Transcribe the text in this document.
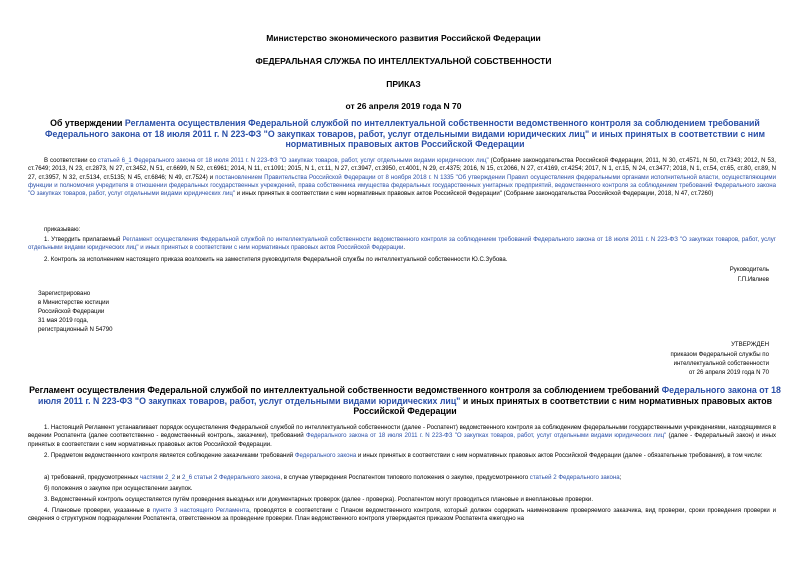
Министерство экономического развития Российской Федерации
ФЕДЕРАЛЬНАЯ СЛУЖБА ПО ИНТЕЛЛЕКТУАЛЬНОЙ СОБСТВЕННОСТИ
ПРИКАЗ
от 26 апреля 2019 года N 70
Об утверждении Регламента осуществления Федеральной службой по интеллектуальной собственности ведомственного контроля за соблюдением требований Федерального закона от 18 июля 2011 г. N 223-ФЗ "О закупках товаров, работ, услуг отдельными видами юридических лиц" и иных принятых в соответствии с ним нормативных правовых актов Российской Федерации
В соответствии со статьей 6_1 Федерального закона от 18 июля 2011 г. N 223-ФЗ "О закупках товаров, работ, услуг отдельными видами юридических лиц" (Собрание законодательства Российской Федерации, 2011, N 30, ст.4571, N 50, ст.7343; 2012, N 53, ст.7649; 2013, N 23, ст.2873, N 27, ст.3452, N 51, ст.6699, N 52, ст.6961; 2014, N 11, ст.1091; 2015, N 1, ст.11, N 27, ст.3947, ст.3950, ст.4001, N 29, ст.4375; 2016, N 15, ст.2066, N 27, ст.4169, ст.4254; 2017, N 1, ст.15, N 24, ст.3477; 2018, N 1, ст.54, ст.65, ст.80, ст.89, N 27, ст.3957, N 32, ст.5134, ст.5135; N 45, ст.6846; N 49, ст.7524) и постановлением Правительства Российской Федерации от 8 ноября 2018 г. N 1335 "Об утверждении Правил осуществления федеральными органами исполнительной власти, осуществляющими функции и полномочия учредителя в отношении федеральных государственных учреждений, права собственника имущества федеральных государственных унитарных предприятий, ведомственного контроля за соблюдением требований Федерального закона "О закупках товаров, работ, услуг отдельными видами юридических лиц" и иных принятых в соответствии с ним нормативных правовых актов Российской Федерации" (Собрание законодательства Российской Федерации, 2018, N 47, ст.7260)
приказываю:
1. Утвердить прилагаемый Регламент осуществления Федеральной службой по интеллектуальной собственности ведомственного контроля за соблюдением требований Федерального закона от 18 июля 2011 г. N 223-ФЗ "О закупках товаров, работ, услуг отдельными видами юридических лиц" и иных принятых в соответствии с ним нормативных правовых актов Российской Федерации.
2. Контроль за исполнением настоящего приказа возложить на заместителя руководителя Федеральной службы по интеллектуальной собственности Ю.С.Зубова.
Руководитель
Г.П.Ивлиев
Зарегистрировано
в Министерстве юстиции
Российской Федерации
31 мая 2019 года,
регистрационный N 54790
УТВЕРЖДЕН
приказом Федеральной службы по
интеллектуальной собственности
от 26 апреля 2019 года N 70
Регламент осуществления Федеральной службой по интеллектуальной собственности ведомственного контроля за соблюдением требований Федерального закона от 18 июля 2011 г. N 223-ФЗ "О закупках товаров, работ, услуг отдельными видами юридических лиц" и иных принятых в соответствии с ним нормативных правовых актов Российской Федерации
1. Настоящий Регламент устанавливает порядок осуществления Федеральной службой по интеллектуальной собственности (далее - Роспатент) ведомственного контроля за соблюдением федеральными государственными учреждениями, находящимися в ведении Роспатента (далее соответственно - ведомственный контроль, заказчики), требований Федерального закона от 18 июля 2011 г. N 223-ФЗ "О закупках товаров, работ, услуг отдельными видами юридических лиц" (далее - Федеральный закон) и иных принятых в соответствии с ним нормативных правовых актов Российской Федерации.
2. Предметом ведомственного контроля является соблюдение заказчиками требований Федерального закона и иных принятых в соответствии с ним нормативных правовых актов Российской Федерации (далее - обязательные требования), в том числе:
а) требований, предусмотренных частями 2_2 и 2_6 статьи 2 Федерального закона, в случае утверждения Роспатентом типового положения о закупке, предусмотренного статьей 2 Федерального закона;
б) положения о закупке при осуществлении закупок.
3. Ведомственный контроль осуществляется путём проведения выездных или документарных проверок (далее - проверка). Роспатентом могут проводиться плановые и внеплановые проверки.
4. Плановые проверки, указанные в пункте 3 настоящего Регламента, проводятся в соответствии с Планом ведомственного контроля, который должен содержать наименование проверяемого заказчика, вид проверки, сроки проведения проверки и сведения о структурном подразделении Роспатента, ответственном за проведение проверки. План ведомственного контроля утверждается приказом Роспатента ежегодно на
